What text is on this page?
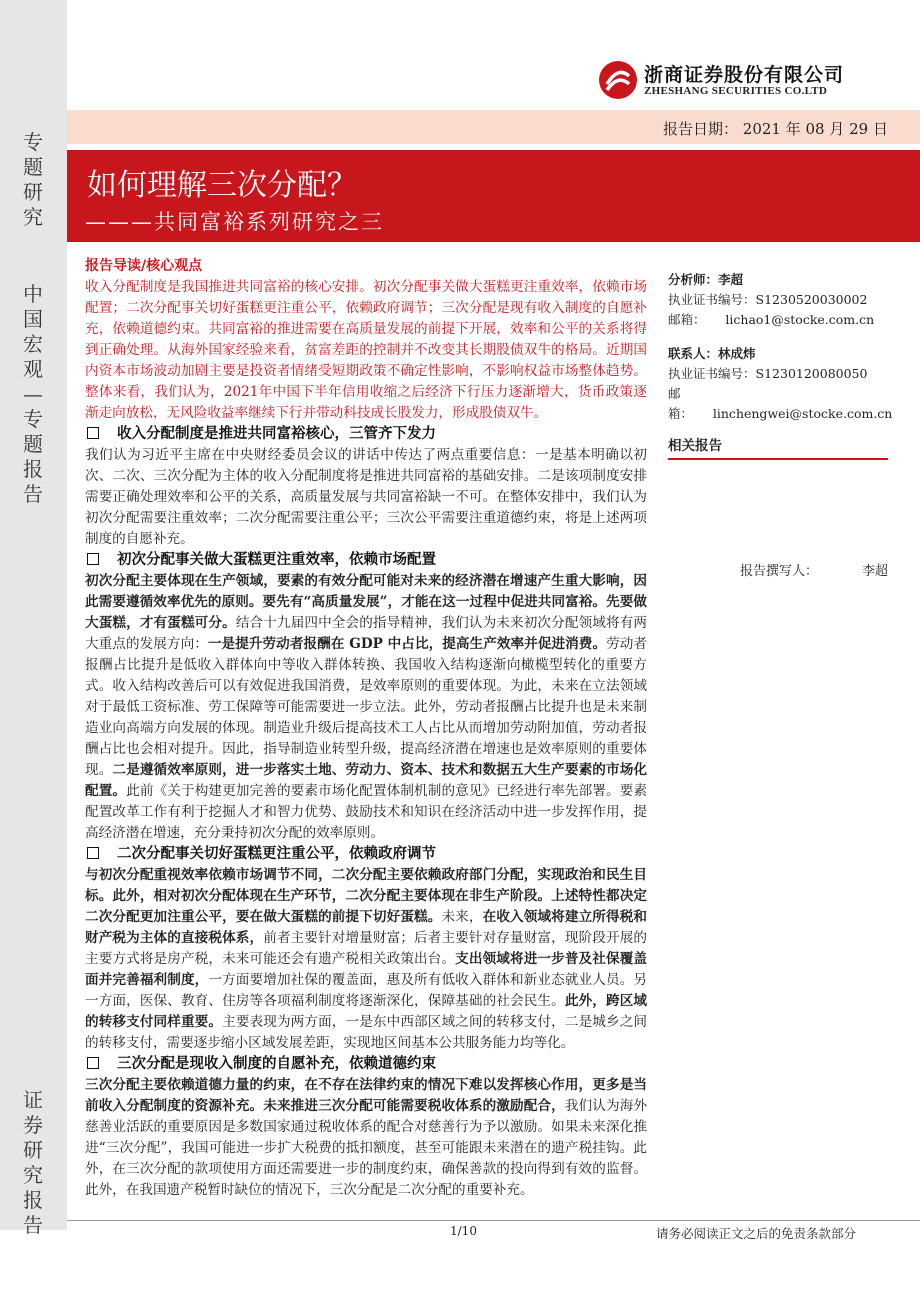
专题研究
中国宏观—专题报告
证券研究报告
浙商证券股份有限公司
ZHESHANG SECURITIES CO.LTD
报告日期： 2021 年 08 月 29 日
如何理解三次分配？
———共同富裕系列研究之三

报告导读/核心观点

收入分配制度是我国推进共同富裕的核心安排。初次分配事关做大蛋糕更注重效率，依赖市场配置；二次分配事关切好蛋糕更注重公平，依赖政府调节；三次分配是现有收入制度的自愿补充，依赖道德约束。共同富裕的推进需要在高质量发展的前提下开展，效率和公平的关系将得到正确处理。从海外国家经验来看，贫富差距的控制并不改变其长期股债双牛的格局。近期国内资本市场波动加剧主要是投资者情绪受短期政策不确定性影响，不影响权益市场整体趋势。整体来看，我们认为，2021年中国下半年信用收缩之后经济下行压力逐渐增大，货币政策逐渐走向放松，无风险收益率继续下行并带动科技成长股发力，形成股债双牛。

收入分配制度是推进共同富裕核心，三管齐下发力

我们认为习近平主席在中央财经委员会议的讲话中传达了两点重要信息：一是基本明确以初次、二次、三次分配为主体的收入分配制度将是推进共同富裕的基础安排。二是该项制度安排需要正确处理效率和公平的关系，高质量发展与共同富裕缺一不可。在整体安排中，我们认为初次分配需要注重效率；二次分配需要注重公平；三次公平需要注重道德约束，将是上述两项制度的自愿补充。

初次分配事关做大蛋糕更注重效率，依赖市场配置

初次分配主要体现在生产领域，要素的有效分配可能对未来的经济潜在增速产生重大影响，因此需要遵循效率优先的原则。要先有“高质量发展”，才能在这一过程中促进共同富裕。先要做大蛋糕，才有蛋糕可分。结合十九届四中全会的指导精神，我们认为未来初次分配领域将有两大重点的发展方向：一是提升劳动者报酬在 GDP 中占比，提高生产效率并促进消费。劳动者报酬占比提升是低收入群体向中等收入群体转换、我国收入结构逐渐向橄榄型转化的重要方式。收入结构改善后可以有效促进我国消费，是效率原则的重要体现。为此，未来在立法领域对于最低工资标准、劳工保障等可能需要进一步立法。此外，劳动者报酬占比提升也是未来制造业向高端方向发展的体现。制造业升级后提高技术工人占比从而增加劳动附加值，劳动者报酬占比也会相对提升。因此，指导制造业转型升级，提高经济潜在增速也是效率原则的重要体现。二是遵循效率原则，进一步落实土地、劳动力、资本、技术和数据五大生产要素的市场化配置。此前《关于构建更加完善的要素市场化配置体制机制的意见》已经进行率先部署。要素配置改革工作有利于挖掘人才和智力优势、鼓励技术和知识在经济活动中进一步发挥作用，提高经济潜在增速，充分秉持初次分配的效率原则。

二次分配事关切好蛋糕更注重公平，依赖政府调节

与初次分配重视效率依赖市场调节不同，二次分配主要依赖政府部门分配，实现政治和民生目标。此外，相对初次分配体现在生产环节，二次分配主要体现在非生产阶段。上述特性都决定二次分配更加注重公平，要在做大蛋糕的前提下切好蛋糕。未来，在收入领域将建立所得税和财产税为主体的直接税体系，前者主要针对增量财富；后者主要针对存量财富，现阶段开展的主要方式将是房产税，未来可能还会有遗产税相关政策出台。支出领域将进一步普及社保覆盖面并完善福利制度，一方面要增加社保的覆盖面，惠及所有低收入群体和新业态就业人员。另一方面，医保、教育、住房等各项福利制度将逐渐深化，保障基础的社会民生。此外，跨区域的转移支付同样重要。主要表现为两方面，一是东中西部区域之间的转移支付，二是城乡之间的转移支付，需要逐步缩小区域发展差距，实现地区间基本公共服务能力均等化。

三次分配是现收入制度的自愿补充，依赖道德约束

三次分配主要依赖道德力量的约束，在不存在法律约束的情况下难以发挥核心作用，更多是当前收入分配制度的资源补充。未来推进三次分配可能需要税收体系的激励配合，我们认为海外慈善业活跃的重要原因是多数国家通过税收体系的配合对慈善行为予以激励。如果未来深化推进“三次分配”，我国可能进一步扩大税费的抵扣额度，甚至可能跟未来潜在的遗产税挂钩。此外，在三次分配的款项使用方面还需要进一步的制度约束，确保善款的投向得到有效的监督。此外，在我国遗产税暂时缺位的情况下，三次分配是二次分配的重要补充。

分析师：李超

执业证书编号：S1230520030002

邮箱： lichao1@stocke.com.cn

联系人：林成炜

执业证书编号：S1230120080050

邮箱： linchengwei@stocke.com.cn

相关报告
报告撰写人：	李超
1/10	请务必阅读正文之后的免责条款部分
